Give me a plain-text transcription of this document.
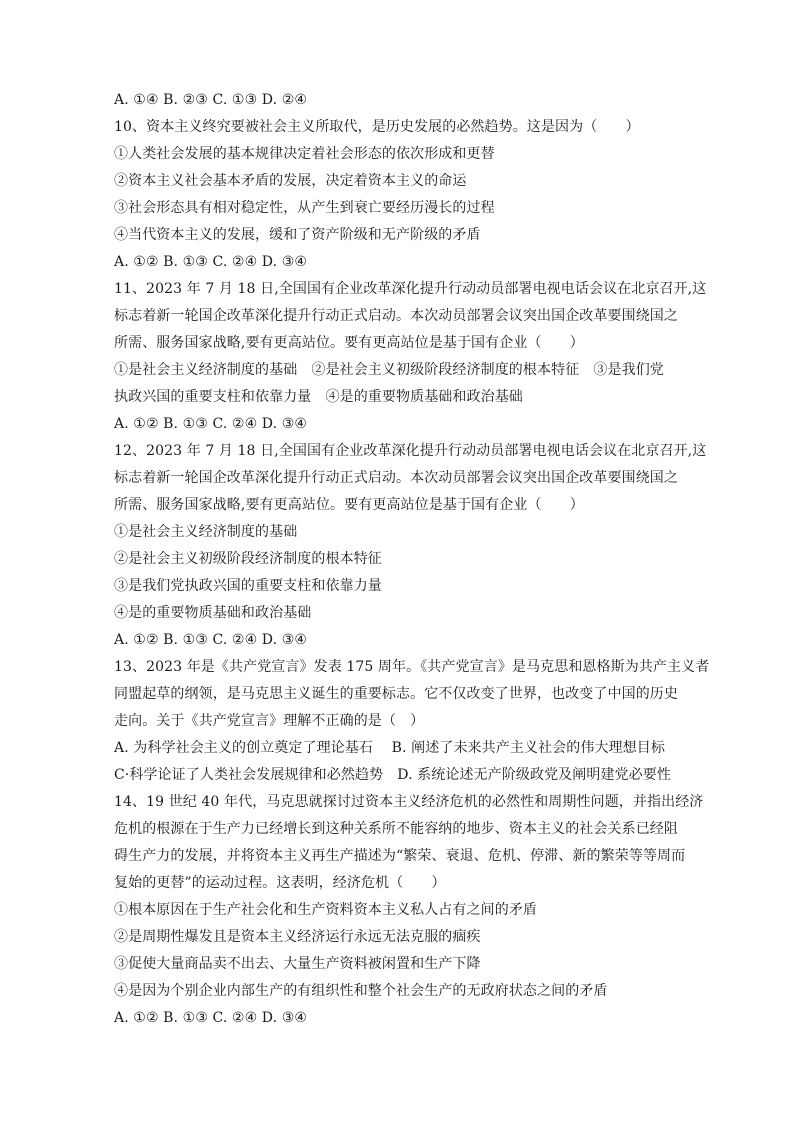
A. ①④ B. ②③ C. ①③ D. ②④
10、资本主义终究要被社会主义所取代，是历史发展的必然趋势。这是因为（　　）
①人类社会发展的基本规律决定着社会形态的依次形成和更替
②资本主义社会基本矛盾的发展，决定着资本主义的命运
③社会形态具有相对稳定性，从产生到衰亡要经历漫长的过程
④当代资本主义的发展，缓和了资产阶级和无产阶级的矛盾
A. ①② B. ①③ C. ②④ D. ③④
11、2023 年 7 月 18 日,全国国有企业改革深化提升行动动员部署电视电话会议在北京召开,这
标志着新一轮国企改革深化提升行动正式启动。本次动员部署会议突出国企改革要围绕国之
所需、服务国家战略,要有更高站位。要有更高站位是基于国有企业（　　）
①是社会主义经济制度的基础　②是社会主义初级阶段经济制度的根本特征　③是我们党
执政兴国的重要支柱和依靠力量　④是的重要物质基础和政治基础
A. ①② B. ①③ C. ②④ D. ③④
12、2023 年 7 月 18 日,全国国有企业改革深化提升行动动员部署电视电话会议在北京召开,这
标志着新一轮国企改革深化提升行动正式启动。本次动员部署会议突出国企改革要围绕国之
所需、服务国家战略,要有更高站位。要有更高站位是基于国有企业（　　）
①是社会主义经济制度的基础
②是社会主义初级阶段经济制度的根本特征
③是我们党执政兴国的重要支柱和依靠力量
④是的重要物质基础和政治基础
A. ①② B. ①③ C. ②④ D. ③④
13、2023 年是《共产党宣言》发表 175 周年。《共产党宣言》是马克思和恩格斯为共产主义者
同盟起草的纲领，是马克思主义诞生的重要标志。它不仅改变了世界，也改变了中国的历史
走向。关于《共产党宣言》理解不正确的是（　）
A. 为科学社会主义的创立奠定了理论基石　 B. 阐述了未来共产主义社会的伟大理想目标
C·科学论证了人类社会发展规律和必然趋势　D. 系统论述无产阶级政党及阐明建党必要性
14、19 世纪 40 年代，马克思就探讨过资本主义经济危机的必然性和周期性问题，并指出经济
危机的根源在于生产力已经增长到这种关系所不能容纳的地步、资本主义的社会关系已经阻
碍生产力的发展，并将资本主义再生产描述为“繁荣、衰退、危机、停滞、新的繁荣等等周而
复始的更替”的运动过程。这表明，经济危机（　　）
①根本原因在于生产社会化和生产资料资本主义私人占有之间的矛盾
②是周期性爆发且是资本主义经济运行永远无法克服的痼疾
③促使大量商品卖不出去、大量生产资料被闲置和生产下降
④是因为个别企业内部生产的有组织性和整个社会生产的无政府状态之间的矛盾
A. ①② B. ①③ C. ②④ D. ③④
